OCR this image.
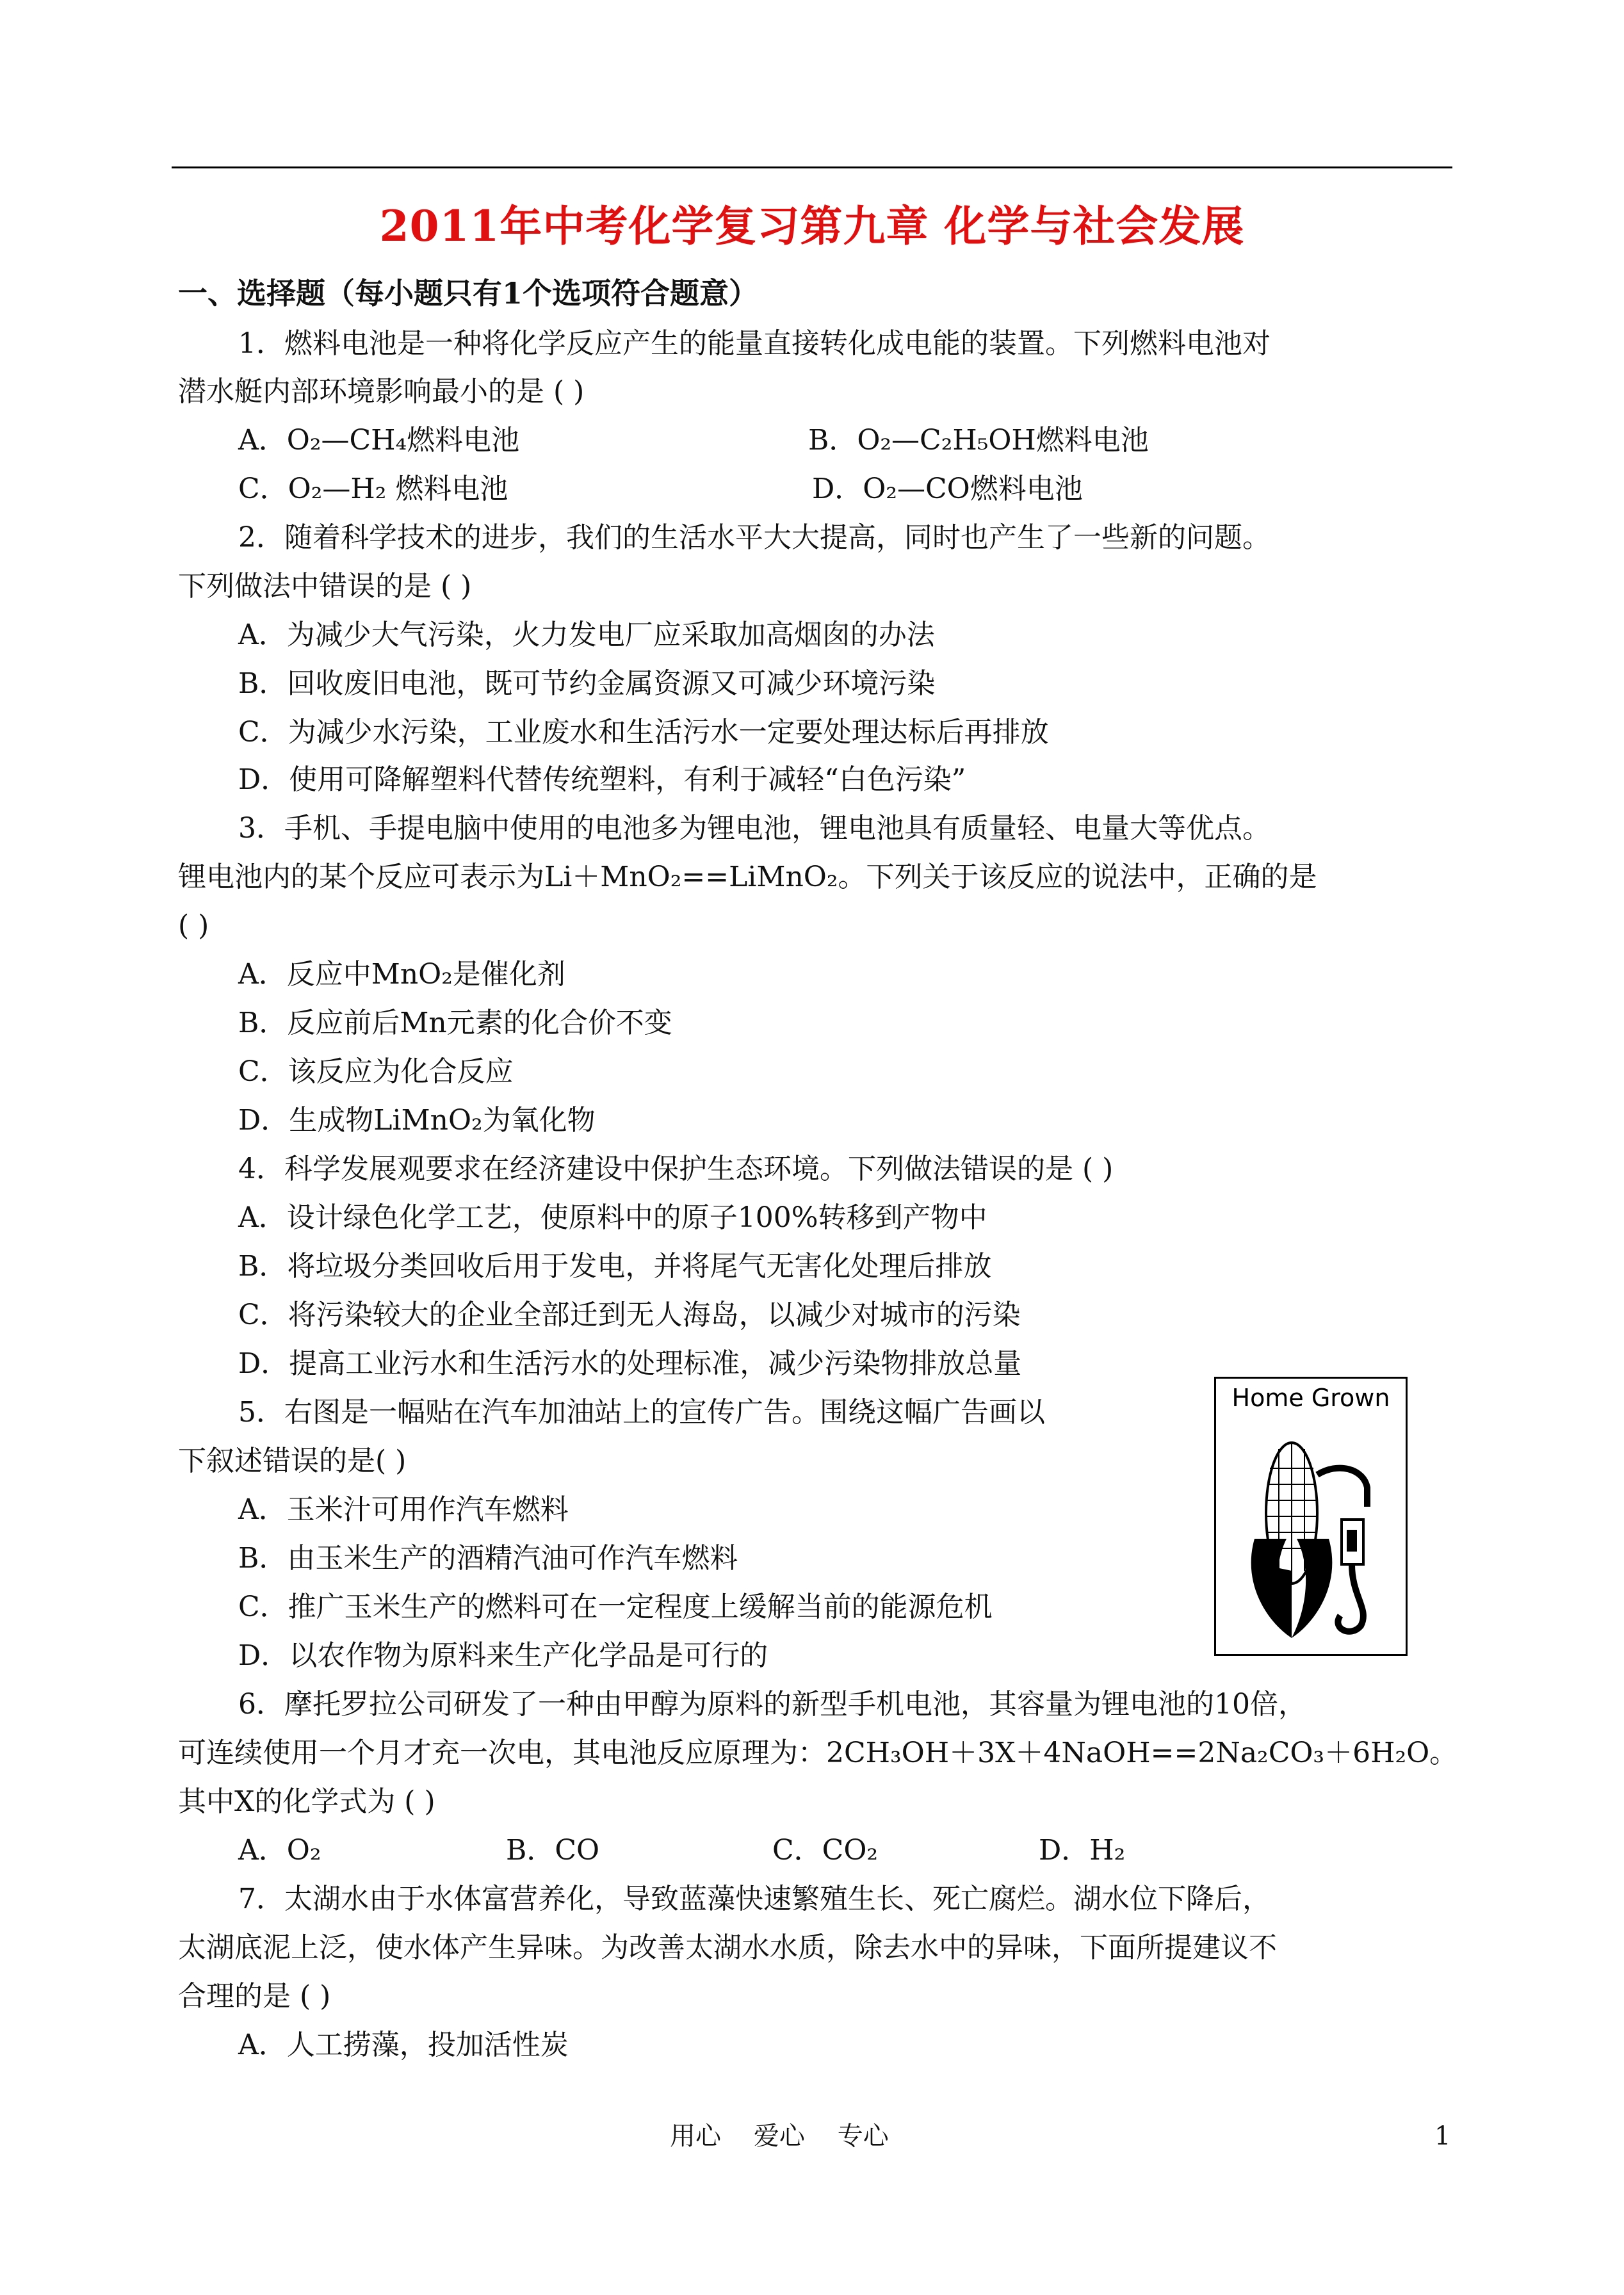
2011年中考化学复习第九章 化学与社会发展
一、选择题（每小题只有1个选项符合题意）
1．燃料电池是一种将化学反应产生的能量直接转化成电能的装置。下列燃料电池对
潜水艇内部环境影响最小的是 ( )
A．O₂—CH₄燃料电池	B．O₂—C₂H₅OH燃料电池
C．O₂—H₂ 燃料电池	D．O₂—CO燃料电池
2．随着科学技术的进步，我们的生活水平大大提高，同时也产生了一些新的问题。
下列做法中错误的是 ( )
A．为减少大气污染，火力发电厂应采取加高烟囱的办法
B．回收废旧电池，既可节约金属资源又可减少环境污染
C．为减少水污染，工业废水和生活污水一定要处理达标后再排放
D．使用可降解塑料代替传统塑料，有利于减轻“白色污染”
3．手机、手提电脑中使用的电池多为锂电池，锂电池具有质量轻、电量大等优点。
锂电池内的某个反应可表示为Li＋MnO₂==LiMnO₂。下列关于该反应的说法中，正确的是
( )
A．反应中MnO₂是催化剂
B．反应前后Mn元素的化合价不变
C．该反应为化合反应
D．生成物LiMnO₂为氧化物
4．科学发展观要求在经济建设中保护生态环境。下列做法错误的是 ( )
A．设计绿色化学工艺，使原料中的原子100%转移到产物中
B．将垃圾分类回收后用于发电，并将尾气无害化处理后排放
C．将污染较大的企业全部迁到无人海岛，以减少对城市的污染
D．提高工业污水和生活污水的处理标准，减少污染物排放总量
5．右图是一幅贴在汽车加油站上的宣传广告。围绕这幅广告画以
下叙述错误的是( )
A．玉米汁可用作汽车燃料
B．由玉米生产的酒精汽油可作汽车燃料
C．推广玉米生产的燃料可在一定程度上缓解当前的能源危机
D．以农作物为原料来生产化学品是可行的
Home Grown
6．摩托罗拉公司研发了一种由甲醇为原料的新型手机电池，其容量为锂电池的10倍，
可连续使用一个月才充一次电，其电池反应原理为：2CH₃OH＋3X＋4NaOH==2Na₂CO₃＋6H₂O。
其中X的化学式为 ( )
A．O₂	B．CO	C．CO₂	D．H₂
7．太湖水由于水体富营养化，导致蓝藻快速繁殖生长、死亡腐烂。湖水位下降后，
太湖底泥上泛，使水体产生异味。为改善太湖水水质，除去水中的异味，下面所提建议不
合理的是 ( )
A．人工捞藻，投加活性炭
用心    爱心    专心	1
